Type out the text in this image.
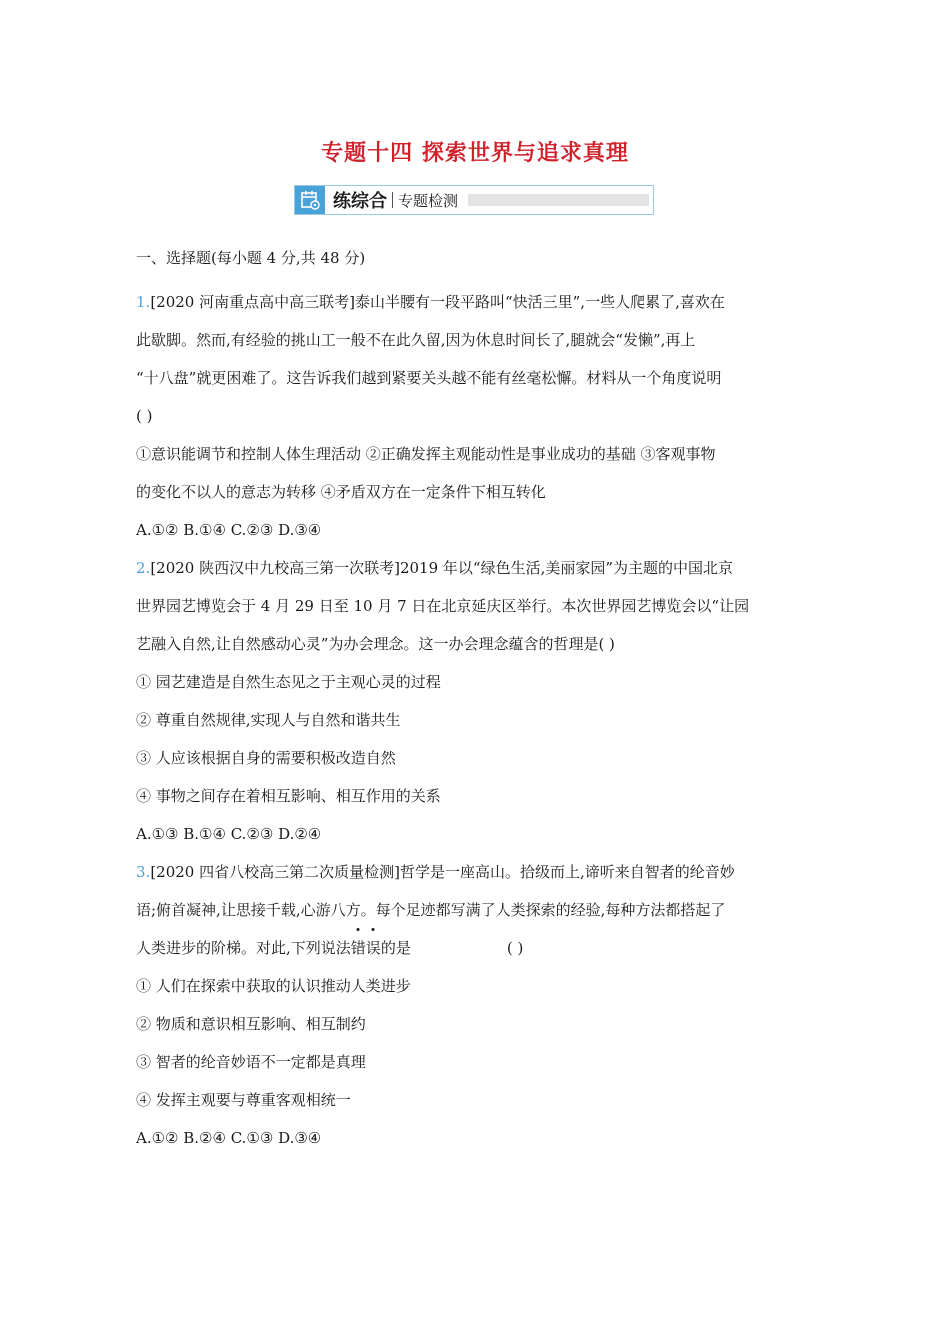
专题十四 探索世界与追求真理
练综合 专题检测
一、选择题(每小题 4 分,共 48 分)
1.[2020 河南重点高中高三联考]泰山半腰有一段平路叫“快活三里”,一些人爬累了,喜欢在
此歇脚。然而,有经验的挑山工一般不在此久留,因为休息时间长了,腿就会“发懒”,再上
“十八盘”就更困难了。这告诉我们越到紧要关头越不能有丝毫松懈。材料从一个角度说明
( )
①意识能调节和控制人体生理活动 ②正确发挥主观能动性是事业成功的基础 ③客观事物
的变化不以人的意志为转移 ④矛盾双方在一定条件下相互转化
A.①② B.①④ C.②③ D.③④
2.[2020 陕西汉中九校高三第一次联考]2019 年以“绿色生活,美丽家园”为主题的中国北京
世界园艺博览会于 4 月 29 日至 10 月 7 日在北京延庆区举行。本次世界园艺博览会以“让园
艺融入自然,让自然感动心灵”为办会理念。这一办会理念蕴含的哲理是( )
① 园艺建造是自然生态见之于主观心灵的过程
② 尊重自然规律,实现人与自然和谐共生
③ 人应该根据自身的需要积极改造自然
④ 事物之间存在着相互影响、相互作用的关系
A.①③ B.①④ C.②③ D.②④
3.[2020 四省八校高三第二次质量检测]哲学是一座高山。拾级而上,谛听来自智者的纶音妙
语;俯首凝神,让思接千载,心游八方。每个足迹都写满了人类探索的经验,每种方法都搭起了
人类进步的阶梯。对此,下列说法错误的是	( )
① 人们在探索中获取的认识推动人类进步
② 物质和意识相互影响、相互制约
③ 智者的纶音妙语不一定都是真理
④ 发挥主观要与尊重客观相统一
A.①② B.②④ C.①③ D.③④
